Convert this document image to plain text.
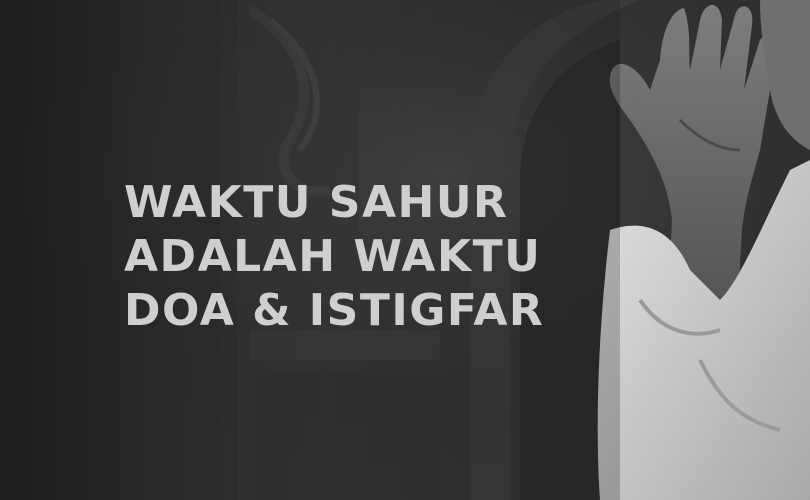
WAKTU SAHUR
ADALAH WAKTU
DOA & ISTIGFAR
